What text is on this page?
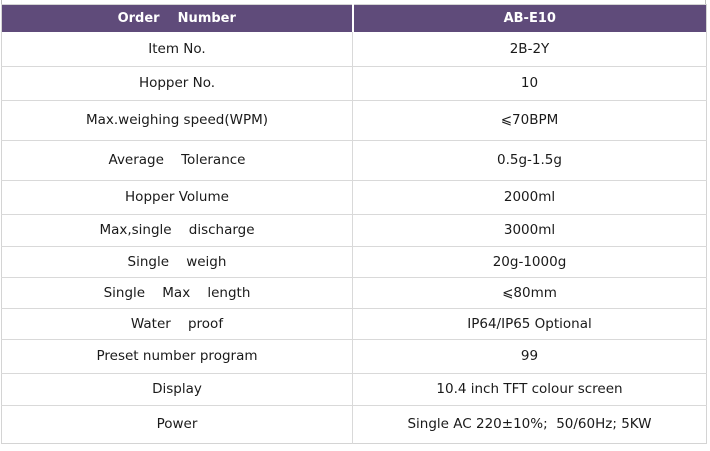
Order    Number	AB-E10
Item No.	2B-2Y
Hopper No.	10
Max.weighing speed(WPM)	⩽70BPM
Average    Tolerance	0.5g-1.5g
Hopper Volume	2000ml
Max,single    discharge	3000ml
Single    weigh	20g-1000g
Single    Max    length	⩽80mm
Water    proof	IP64/IP65 Optional
Preset number program	99
Display	10.4 inch TFT colour screen
Power	Single AC 220±10%;  50/60Hz; 5KW
